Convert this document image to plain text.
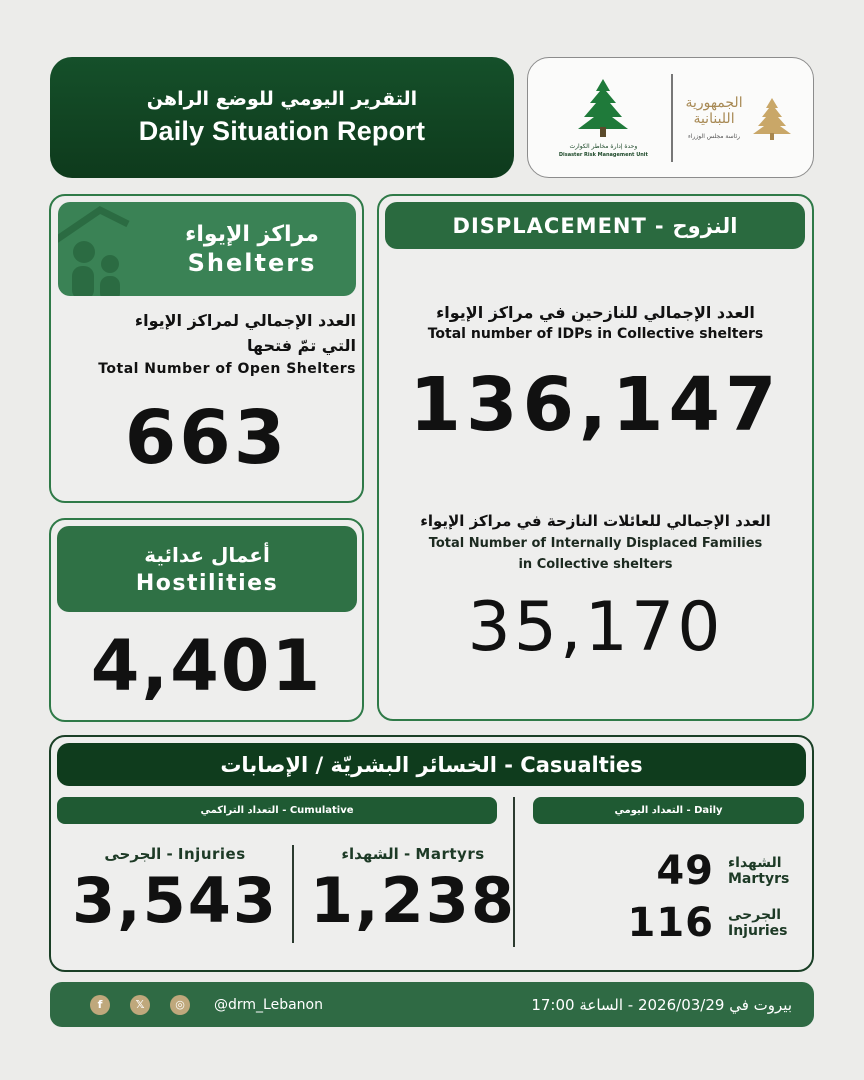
التقرير اليومي للوضع الراهن
Daily Situation Report
وحدة إدارة مخاطر الكوارث
Disaster Risk Management Unit
الجمهورية
اللبنانية
رئاسة مجلس الوزراء
مراكز الإيواء
Shelters
العدد الإجمالي لمراكز الإيواء
التي تمّ فتحها
Total Number of Open Shelters
663
أعمال عدائية
Hostilities
4,401
DISPLACEMENT - النزوح
العدد الإجمالي للنازحين في مراكز الإيواء
Total number of IDPs in Collective shelters
136,147
العدد الإجمالي للعائلات النازحة في مراكز الإيواء
Total Number of Internally Displaced Families
in Collective shelters
35,170
الخسائر البشريّة / الإصابات - Casualties
التعداد التراكمي - Cumulative	التعداد اليومي - Daily
الجرحى - Injuries
3,543
الشهداء - Martyrs
1,238	49 الشهداء
Martyrs
116 الجرحى
Injuries
f	𝕏	◎	@drm_Lebanon	بيروت في 2026/03/29 - الساعة 17:00
